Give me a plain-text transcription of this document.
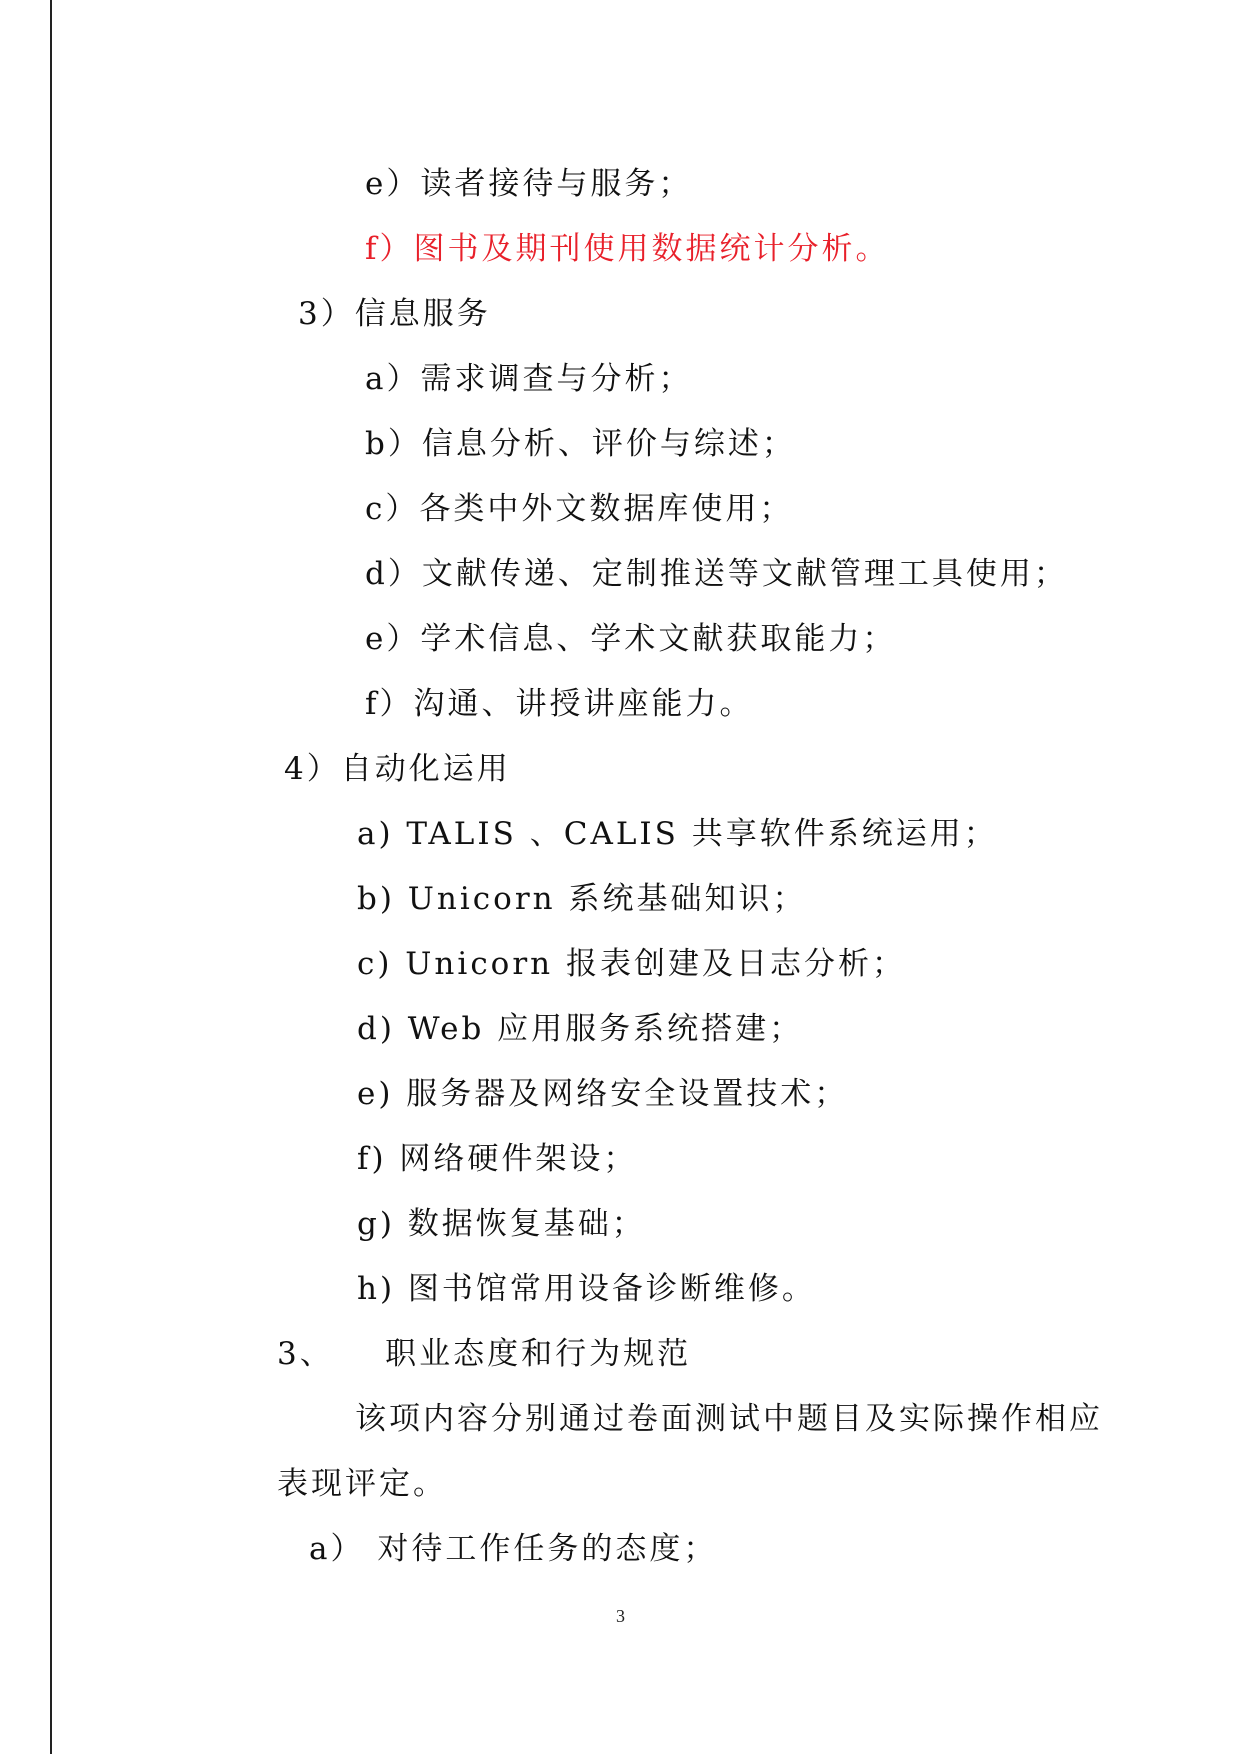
e）读者接待与服务；
f）图书及期刊使用数据统计分析。
3）信息服务
a）需求调查与分析；
b）信息分析、评价与综述；
c）各类中外文数据库使用；
d）文献传递、定制推送等文献管理工具使用；
e）学术信息、学术文献获取能力；
f）沟通、讲授讲座能力。
4）自动化运用
a) TALIS 、CALIS 共享软件系统运用；
b) Unicorn 系统基础知识；
c) Unicorn 报表创建及日志分析；
d) Web 应用服务系统搭建；
e) 服务器及网络安全设置技术；
f) 网络硬件架设；
g) 数据恢复基础；
h) 图书馆常用设备诊断维修。
3、    职业态度和行为规范
该项内容分别通过卷面测试中题目及实际操作相应
表现评定。
a） 对待工作任务的态度；
3
